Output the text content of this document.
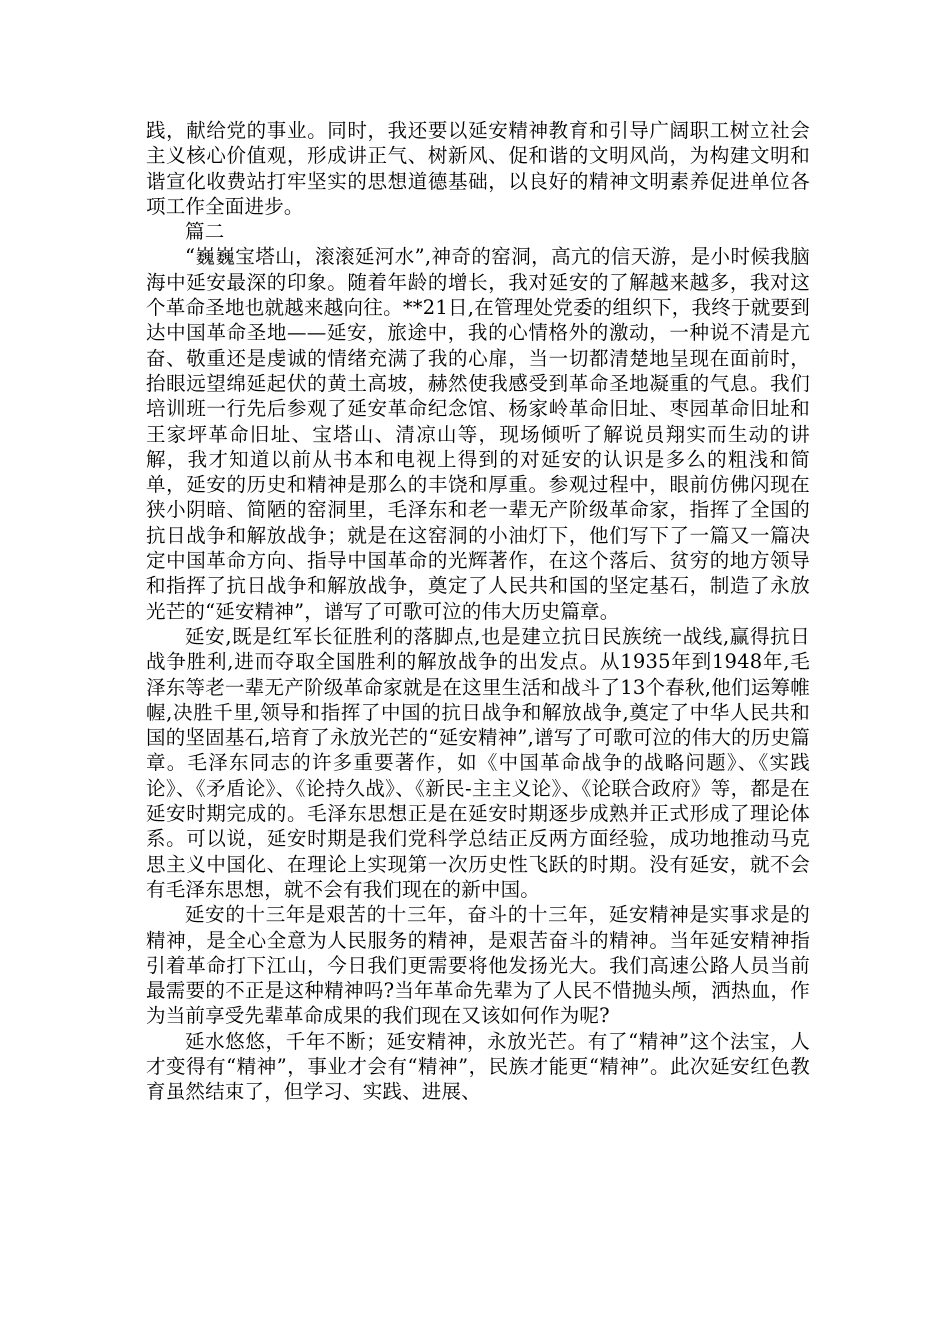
践，献给党的事业。同时，我还要以延安精神教育和引导广阔职工树立社会主义核心价值观，形成讲正气、树新风、促和谐的文明风尚，为构建文明和谐宣化收费站打牢坚实的思想道德基础，以良好的精神文明素养促进单位各项工作全面进步。

篇二

“巍巍宝塔山，滚滚延河水”,神奇的窑洞，高亢的信天游，是小时候我脑海中延安最深的印象。随着年龄的增长，我对延安的了解越来越多，我对这个革命圣地也就越来越向往。**21日,在管理处党委的组织下，我终于就要到达中国革命圣地——延安，旅途中，我的心情格外的激动，一种说不清是亢奋、敬重还是虔诚的情绪充满了我的心扉，当一切都清楚地呈现在面前时，抬眼远望绵延起伏的黄土高坡，赫然使我感受到革命圣地凝重的气息。我们培训班一行先后参观了延安革命纪念馆、杨家岭革命旧址、枣园革命旧址和王家坪革命旧址、宝塔山、清凉山等，现场倾听了解说员翔实而生动的讲解，我才知道以前从书本和电视上得到的对延安的认识是多么的粗浅和简单，延安的历史和精神是那么的丰饶和厚重。参观过程中，眼前仿佛闪现在狭小阴暗、简陋的窑洞里，毛泽东和老一辈无产阶级革命家，指挥了全国的抗日战争和解放战争；就是在这窑洞的小油灯下，他们写下了一篇又一篇决定中国革命方向、指导中国革命的光辉著作，在这个落后、贫穷的地方领导和指挥了抗日战争和解放战争，奠定了人民共和国的坚定基石，制造了永放光芒的“延安精神”，谱写了可歌可泣的伟大历史篇章。

延安,既是红军长征胜利的落脚点,也是建立抗日民族统一战线,赢得抗日战争胜利,进而夺取全国胜利的解放战争的出发点。从1935年到1948年,毛泽东等老一辈无产阶级革命家就是在这里生活和战斗了13个春秋,他们运筹帷幄,决胜千里,领导和指挥了中国的抗日战争和解放战争,奠定了中华人民共和国的坚固基石,培育了永放光芒的“延安精神”,谱写了可歌可泣的伟大的历史篇章。毛泽东同志的许多重要著作，如《中国革命战争的战略问题》、《实践论》、《矛盾论》、《论持久战》、《新民-主主义论》、《论联合政府》等，都是在延安时期完成的。毛泽东思想正是在延安时期逐步成熟并正式形成了理论体系。可以说，延安时期是我们党科学总结正反两方面经验，成功地推动马克思主义中国化、在理论上实现第一次历史性飞跃的时期。没有延安，就不会有毛泽东思想，就不会有我们现在的新中国。

延安的十三年是艰苦的十三年，奋斗的十三年，延安精神是实事求是的精神，是全心全意为人民服务的精神，是艰苦奋斗的精神。当年延安精神指引着革命打下江山，今日我们更需要将他发扬光大。我们高速公路人员当前最需要的不正是这种精神吗?当年革命先辈为了人民不惜抛头颅，洒热血，作为当前享受先辈革命成果的我们现在又该如何作为呢?

延水悠悠，千年不断；延安精神，永放光芒。有了“精神”这个法宝，人才变得有“精神”，事业才会有“精神”，民族才能更“精神”。此次延安红色教育虽然结束了，但学习、实践、进展、
